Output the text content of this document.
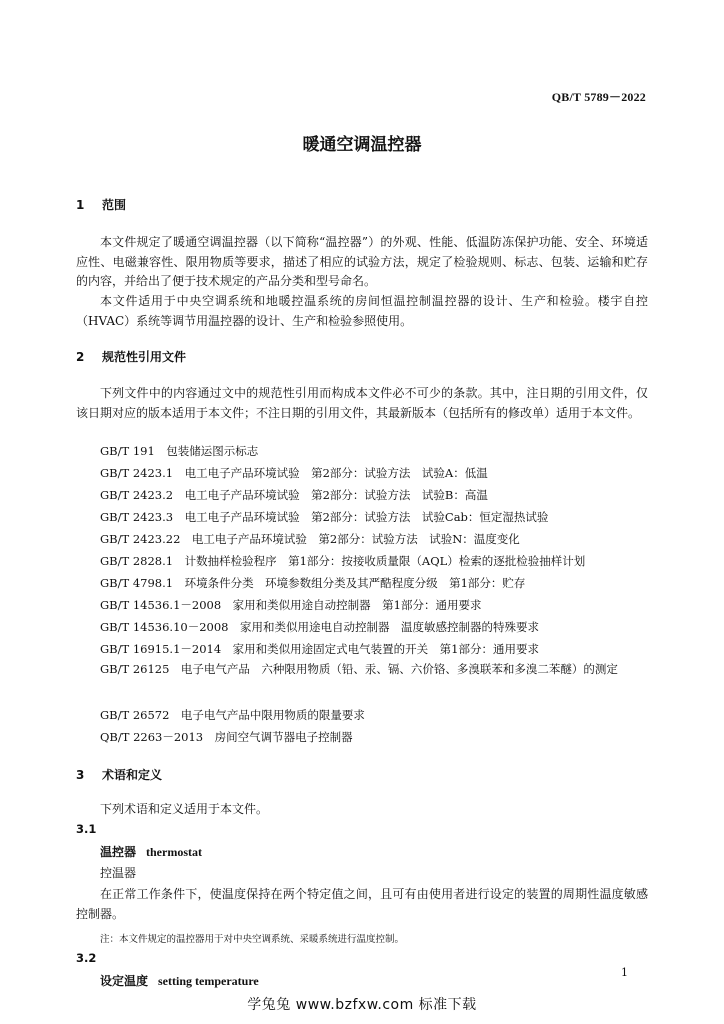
QB/T 5789－2022
暖通空调温控器
1 范围
本文件规定了暖通空调温控器（以下简称“温控器”）的外观、性能、低温防冻保护功能、安全、环境适应性、电磁兼容性、限用物质等要求，描述了相应的试验方法，规定了检验规则、标志、包装、运输和贮存的内容，并给出了便于技术规定的产品分类和型号命名。
本文件适用于中央空调系统和地暖控温系统的房间恒温控制温控器的设计、生产和检验。楼宇自控（HVAC）系统等调节用温控器的设计、生产和检验参照使用。
2 规范性引用文件
下列文件中的内容通过文中的规范性引用而构成本文件必不可少的条款。其中，注日期的引用文件，仅该日期对应的版本适用于本文件；不注日期的引用文件，其最新版本（包括所有的修改单）适用于本文件。
GB/T 191　包装储运图示标志
GB/T 2423.1　电工电子产品环境试验　第2部分：试验方法　试验A：低温
GB/T 2423.2　电工电子产品环境试验　第2部分：试验方法　试验B：高温
GB/T 2423.3　电工电子产品环境试验　第2部分：试验方法　试验Cab：恒定湿热试验
GB/T 2423.22　电工电子产品环境试验　第2部分：试验方法　试验N：温度变化
GB/T 2828.1　计数抽样检验程序　第1部分：按接收质量限（AQL）检索的逐批检验抽样计划
GB/T 4798.1　环境条件分类　环境参数组分类及其严酷程度分级　第1部分：贮存
GB/T 14536.1－2008　家用和类似用途自动控制器　第1部分：通用要求
GB/T 14536.10－2008　家用和类似用途电自动控制器　温度敏感控制器的特殊要求
GB/T 16915.1－2014　家用和类似用途固定式电气装置的开关　第1部分：通用要求
GB/T 26125　电子电气产品　六种限用物质（铅、汞、镉、六价铬、多溴联苯和多溴二苯醚）的测定
GB/T 26572　电子电气产品中限用物质的限量要求
QB/T 2263－2013　房间空气调节器电子控制器
3 术语和定义
下列术语和定义适用于本文件。
3.1
温控器 thermostat
控温器
在正常工作条件下，使温度保持在两个特定值之间，且可有由使用者进行设定的装置的周期性温度敏感控制器。
注：本文件规定的温控器用于对中央空调系统、采暖系统进行温度控制。
3.2
设定温度 setting temperature
1
学兔兔 www.bzfxw.com 标准下载
